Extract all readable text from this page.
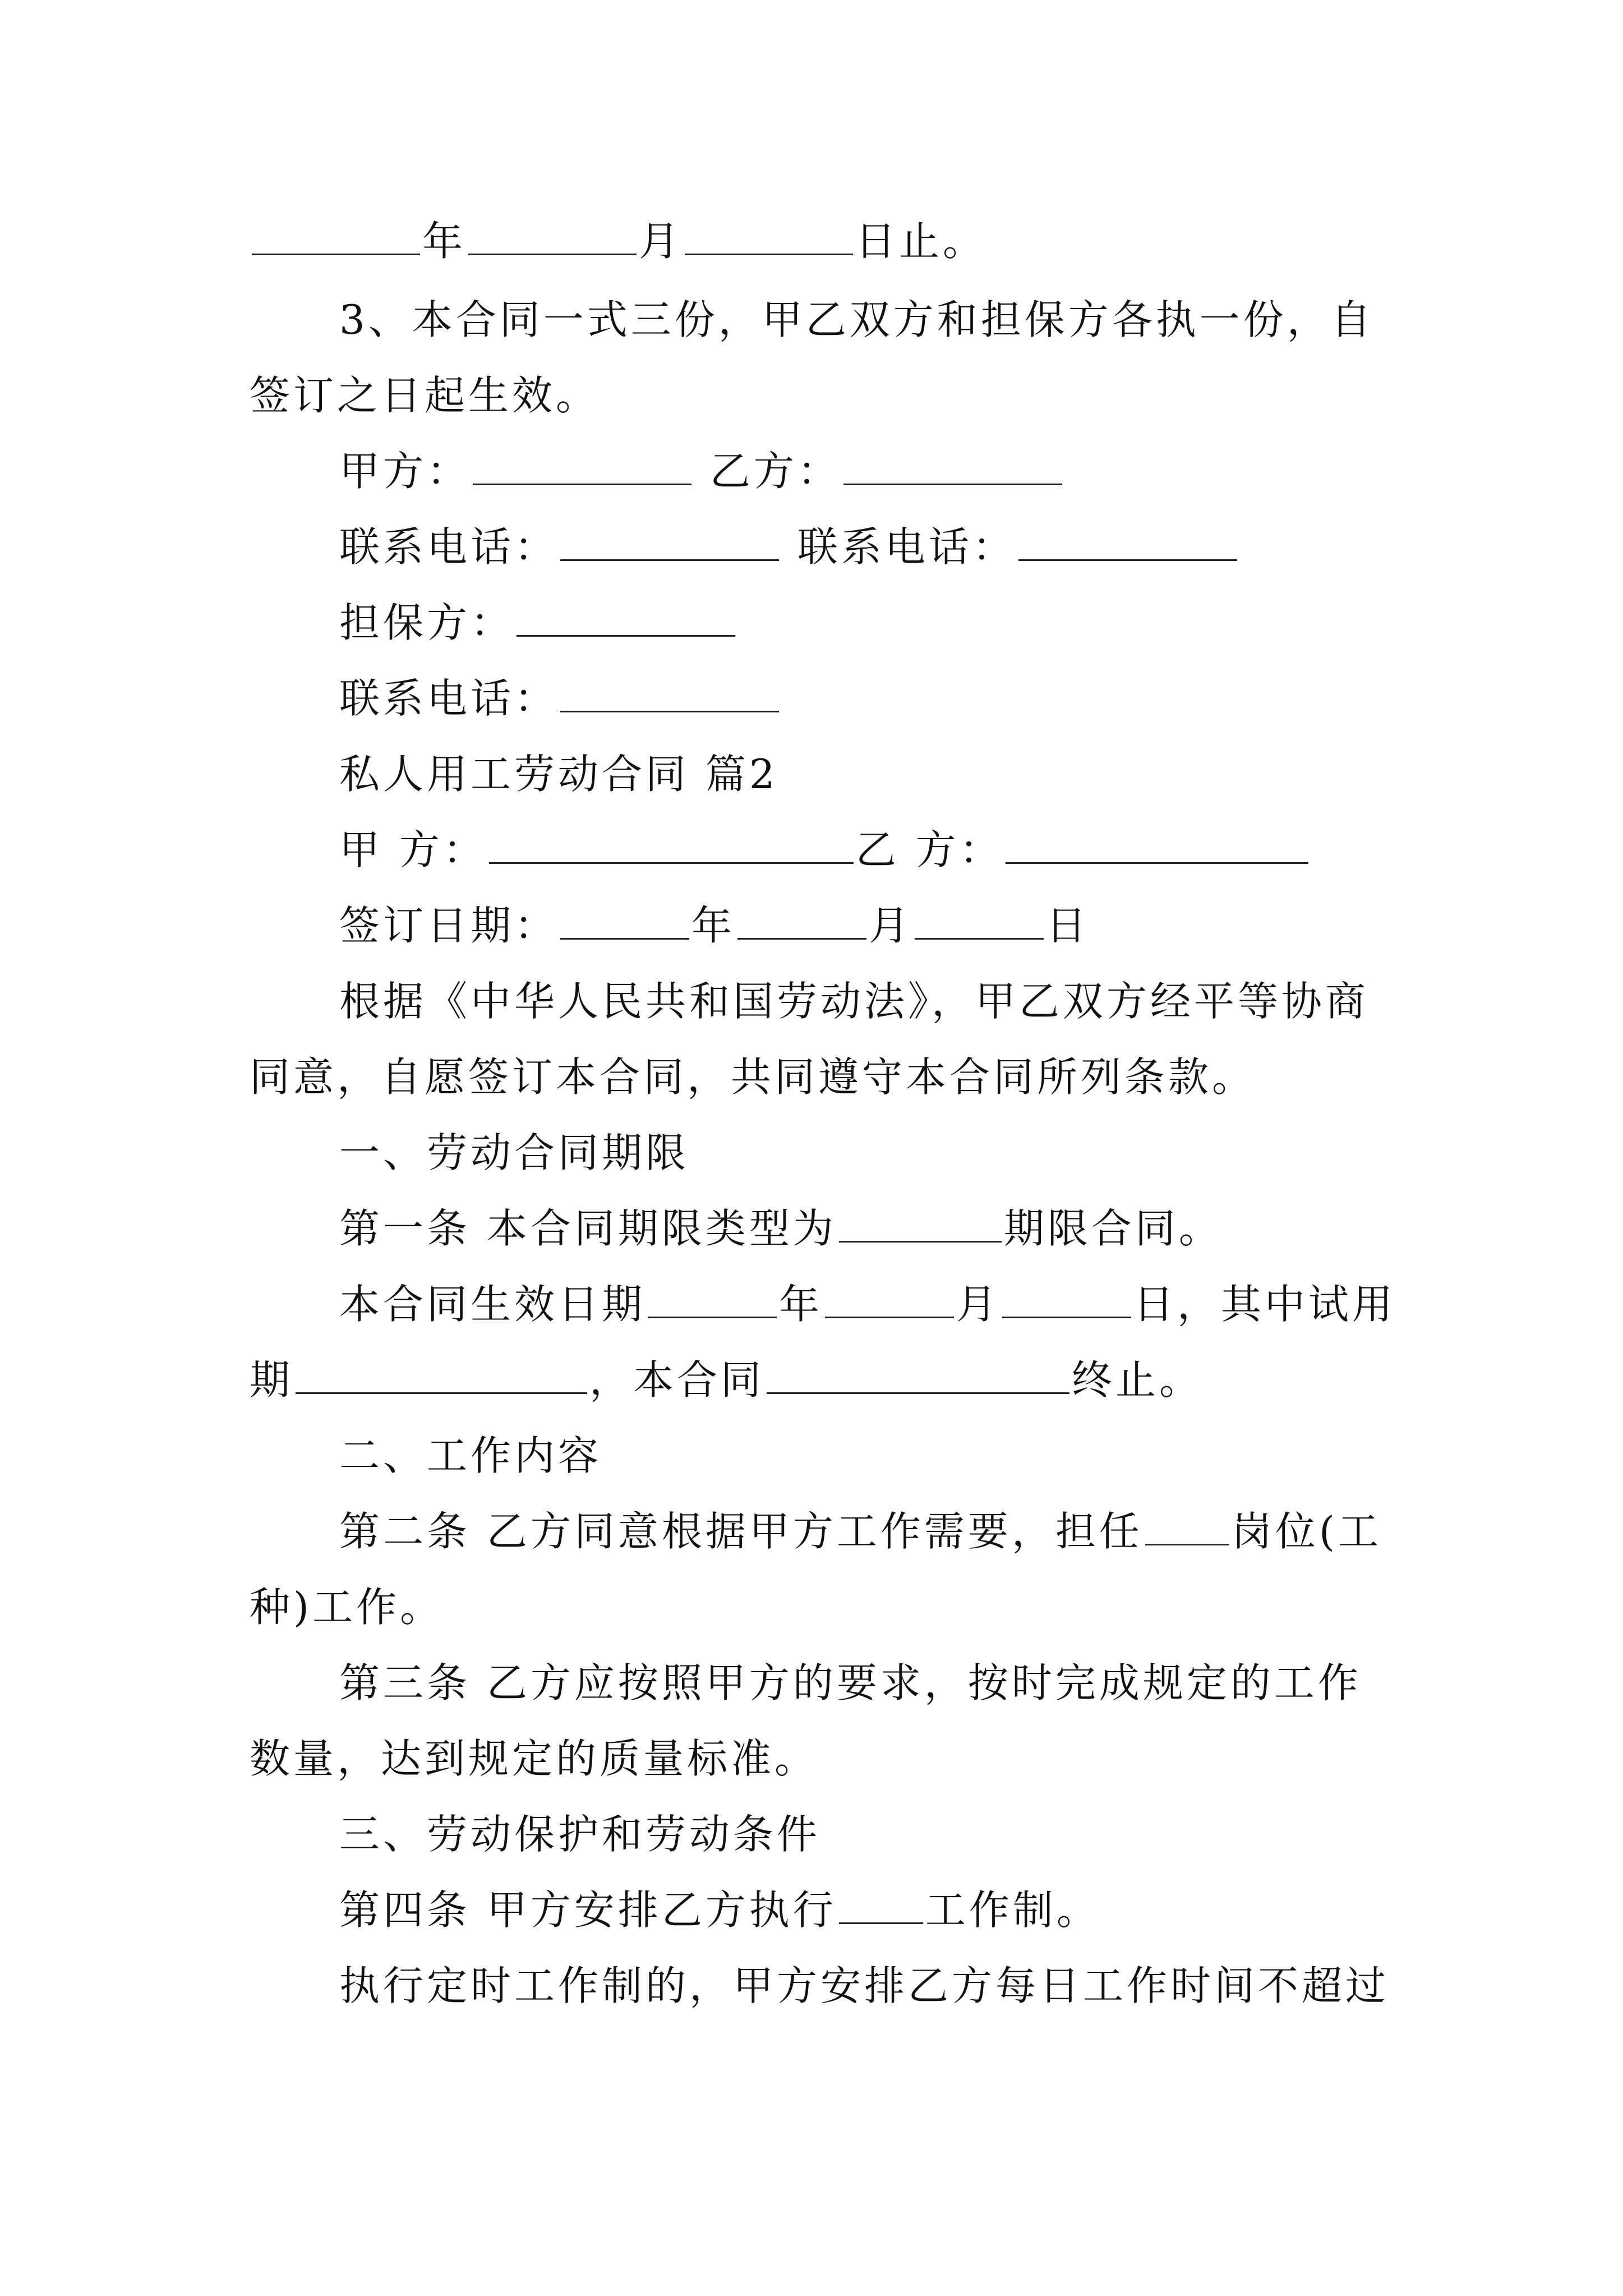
年	月	日止。
3、本合同一式三份，甲乙双方和担保方各执一份，自
签订之日起生效。
甲方：	乙方：
联系电话：	联系电话：
担保方：
联系电话：
私人用工劳动合同 篇2
甲 方：	乙 方：
签订日期：	年	月	日
根据《中华人民共和国劳动法》，甲乙双方经平等协商
同意，自愿签订本合同，共同遵守本合同所列条款。
一、劳动合同期限
第一条 本合同期限类型为	期限合同。
本合同生效日期	年	月	日，其中试用
期	，本合同	终止。
二、工作内容
第二条 乙方同意根据甲方工作需要，担任 岗位(工
种)工作。
第三条 乙方应按照甲方的要求，按时完成规定的工作
数量，达到规定的质量标准。
三、劳动保护和劳动条件
第四条 甲方安排乙方执行 工作制。
执行定时工作制的，甲方安排乙方每日工作时间不超过
